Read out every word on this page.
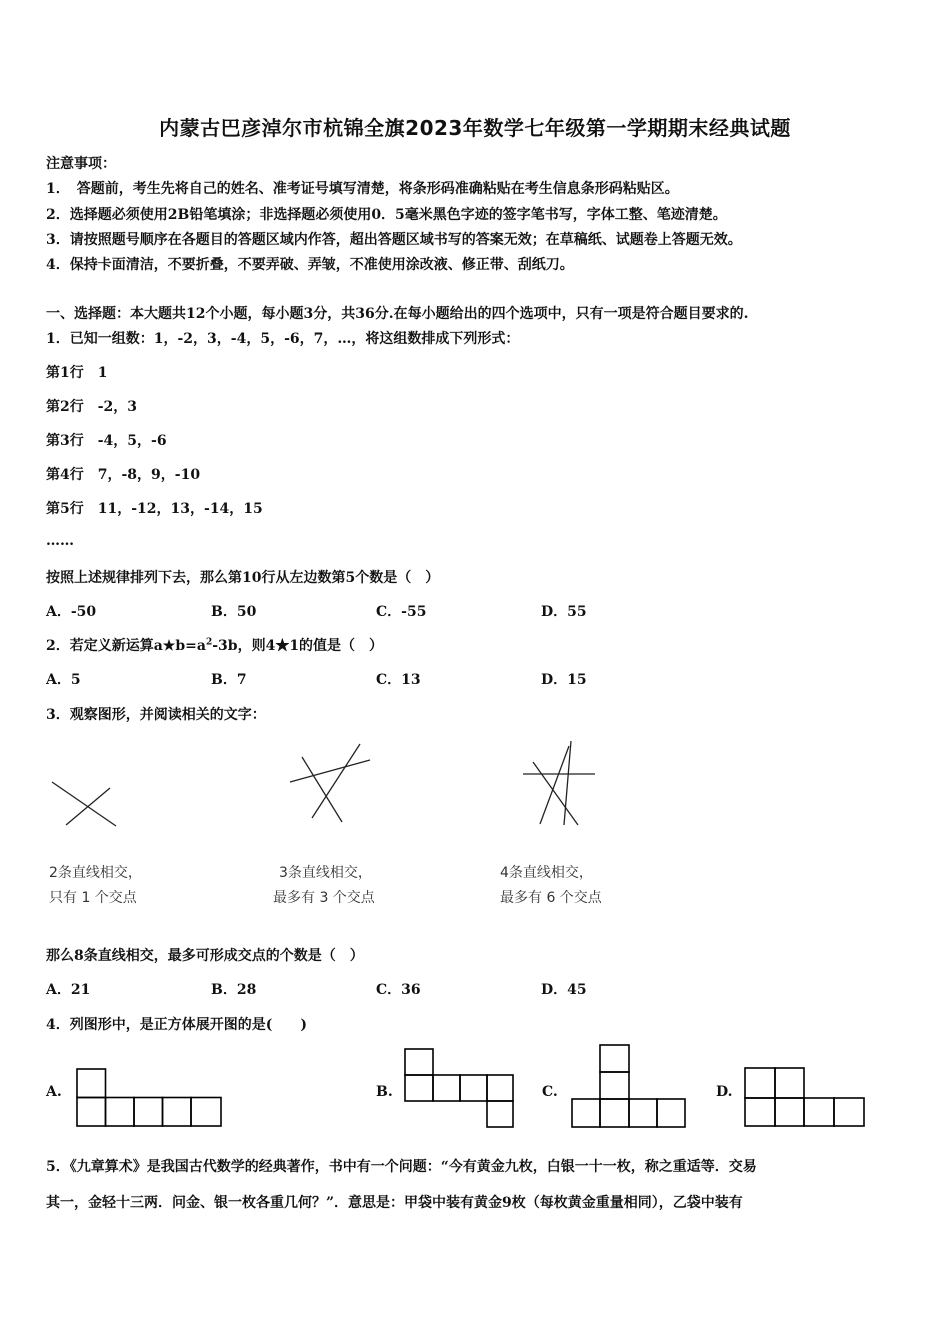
内蒙古巴彦淖尔市杭锦全旗2023年数学七年级第一学期期末经典试题
注意事项：
1．　答题前，考生先将自己的姓名、准考证号填写清楚，将条形码准确粘贴在考生信息条形码粘贴区。
2．选择题必须使用2B铅笔填涂；非选择题必须使用0．5毫米黑色字迹的签字笔书写，字体工整、笔迹清楚。
3．请按照题号顺序在各题目的答题区域内作答，超出答题区域书写的答案无效；在草稿纸、试题卷上答题无效。
4．保持卡面清洁，不要折叠，不要弄破、弄皱，不准使用涂改液、修正带、刮纸刀。
一、选择题：本大题共12个小题，每小题3分，共36分.在每小题给出的四个选项中，只有一项是符合题目要求的.
1．已知一组数：1，-2，3，-4，5，-6，7，…，将这组数排成下列形式：
第1行　 1
第2行　 -2，3
第3行　 -4，5，-6
第4行　 7，-8，9，-10
第5行　 11，-12，13，-14，15
……
按照上述规律排列下去，那么第10行从左边数第5个数是（　）
A．-50	B．50	C．-55	D．55
2．若定义新运算$a★b=a^2-3b$，则4★1的值是（　）
A．5	B．7	C．13	D．15
3．观察图形，并阅读相关的文字：
2条直线相交，
只有 1 个交点
3条直线相交，
最多有 3 个交点
4条直线相交，
最多有 6 个交点
那么8条直线相交，最多可形成交点的个数是（　）
A．21	B．28	C．36	D．45
4．列图形中，是正方体展开图的是(　　)
A.	B.	C.	D.
5．《九章算术》是我国古代数学的经典著作，书中有一个问题：“今有黄金九枚，白银一十一枚，称之重适等．交易
其一，金轻十三两．问金、银一枚各重几何？”．意思是：甲袋中装有黄金9枚（每枚黄金重量相同），乙袋中装有
